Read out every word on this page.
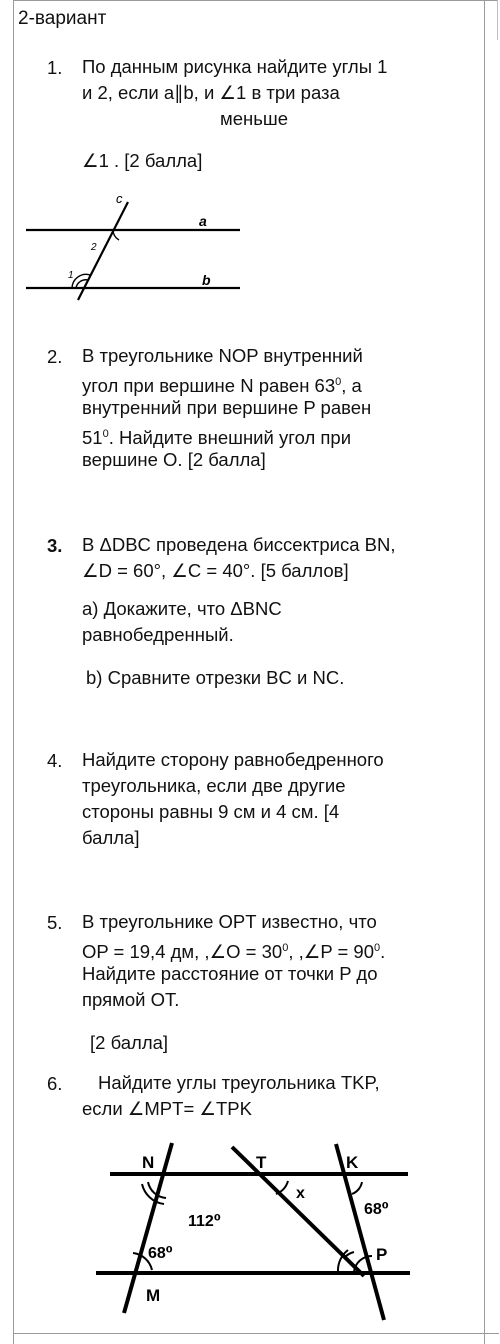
2-вариант
1. По данным рисунка найдите углы 1
и 2, если a∥b, и ∠1 в три раза
меньше
∠1 . [2 балла]
c
a
b
1
2
2. В треугольнике NOP внутренний
угол при вершине N равен $63^0$, а
внутренний при вершине P равен
$51^0$. Найдите внешний угол при
вершине O. [2 балла]
3. В ΔDBC проведена биссектриса BN,
∠D = 60°, ∠C = 40°. [5 баллов]
a) Докажите, что ΔBNC
равнобедренный.
b) Сравните отрезки BC и NC.
4. Найдите сторону равнобедренного
треугольника, если две другие
стороны равны 9 см и 4 см. [4
балла]
5. В треугольнике OPT известно, что
OP = 19,4 дм, ,∠O = $30^0$, ,∠P = $90^0$.
Найдите расстояние от точки P до
прямой OT.
[2 балла]
6.	Найдите углы треугольника TKP,
если ∠MPT= ∠TPK
N	T	K
x
112⁰
68⁰
68⁰	P
M
